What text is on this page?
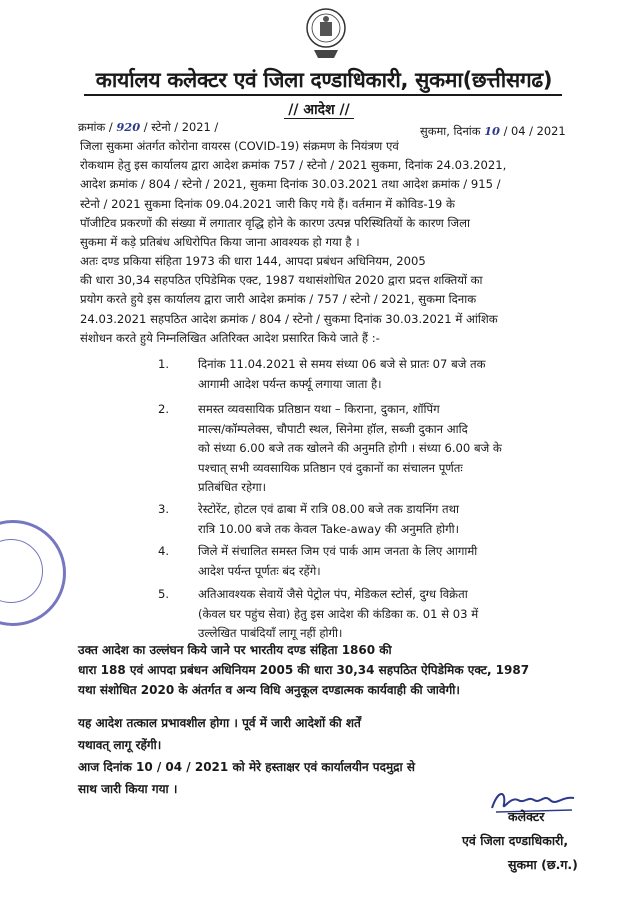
कार्यालय कलेक्टर एवं जिला दण्डाधिकारी, सुकमा(छत्तीसगढ)
// आदेश //
क्रमांक / 920 / स्टेनो / 2021 /	सुकमा, दिनांक 10 / 04 / 2021
जिला सुकमा अंतर्गत कोरोना वायरस (COVID-19) संक्रमण के नियंत्रण एवं
रोकथाम हेतु इस कार्यालय द्वारा आदेश क्रमांक 757 / स्टेनो / 2021 सुकमा, दिनांक 24.03.2021,
आदेश क्रमांक / 804 / स्टेनो / 2021, सुकमा दिनांक 30.03.2021 तथा आदेश क्रमांक / 915 /
स्टेनो / 2021 सुकमा दिनांक 09.04.2021 जारी किए गये हैं। वर्तमान में कोविड-19 के
पॉजीटिव प्रकरणों की संख्या में लगातार वृद्धि होने के कारण उत्पन्न परिस्थितियों के कारण जिला
सुकमा में कड़े प्रतिबंध अधिरोपित किया जाना आवश्यक हो गया है ।
अतः दण्ड प्रकिया संहिता 1973 की धारा 144, आपदा प्रबंधन अधिनियम, 2005
की धारा 30,34 सहपठित एपिडेमिक एक्ट, 1987 यथासंशोधित 2020 द्वारा प्रदत्त शक्तियों का
प्रयोग करते हुये इस कार्यालय द्वारा जारी आदेश क्रमांक / 757 / स्टेनो / 2021, सुकमा दिनाक
24.03.2021 सहपठित आदेश क्रमांक / 804 / स्टेनो / सुकमा दिनांक 30.03.2021 में आंशिक
संशोधन करते हुये निम्नलिखित अतिरिक्त आदेश प्रसारित किये जाते हैं :-
1.	दिनांक 11.04.2021 से समय संध्या 06 बजे से प्रातः 07 बजे तक
आगामी आदेश पर्यन्त कर्फ्यू लगाया जाता है।
2.	समस्त व्यवसायिक प्रतिष्ठान यथा – किराना, दुकान, शॉपिंग
माल्स/कॉम्पलेक्स, चौपाटी स्थल, सिनेमा हॉल, सब्जी दुकान आदि
को संध्या 6.00 बजे तक खोलने की अनुमति होगी । संध्या 6.00 बजे के
पश्चात् सभी व्यवसायिक प्रतिष्ठान एवं दुकानों का संचालन पूर्णतः
प्रतिबंधित रहेगा।
3.	रेस्टोरेंट, होटल एवं ढाबा में रात्रि 08.00 बजे तक डायनिंग तथा
रात्रि 10.00 बजे तक केवल Take-away की अनुमति होगी।
4.	जिले में संचालित समस्त जिम एवं पार्क आम जनता के लिए आगामी
आदेश पर्यन्त पूर्णतः बंद रहेंगे।
5.	अतिआवश्यक सेवायें जैसे पेट्रोल पंप, मेडिकल स्टोर्स, दुग्ध विक्रेता
(केवल घर पहुंच सेवा) हेतु इस आदेश की कंडिका क. 01 से 03 में
उल्लेखित पाबंदियाँ लागू नहीं होगी।
उक्त आदेश का उल्लंघन किये जाने पर भारतीय दण्ड संहिता 1860 की
धारा 188 एवं आपदा प्रबंधन अधिनियम 2005 की धारा 30,34 सहपठित ऐपिडेमिक एक्ट, 1987
यथा संशोधित 2020 के अंतर्गत व अन्य विधि अनुकूल दण्डात्मक कार्यवाही की जावेगी।
यह आदेश तत्काल प्रभावशील होगा । पूर्व में जारी आदेशों की शर्तें
यथावत् लागू रहेंगी।
आज दिनांक 10 / 04 / 2021 को मेरे हस्ताक्षर एवं कार्यालयीन पदमुद्रा से
साथ जारी किया गया ।
कलेक्टर
एवं जिला दण्डाधिकारी,
सुकमा (छ.ग.)
